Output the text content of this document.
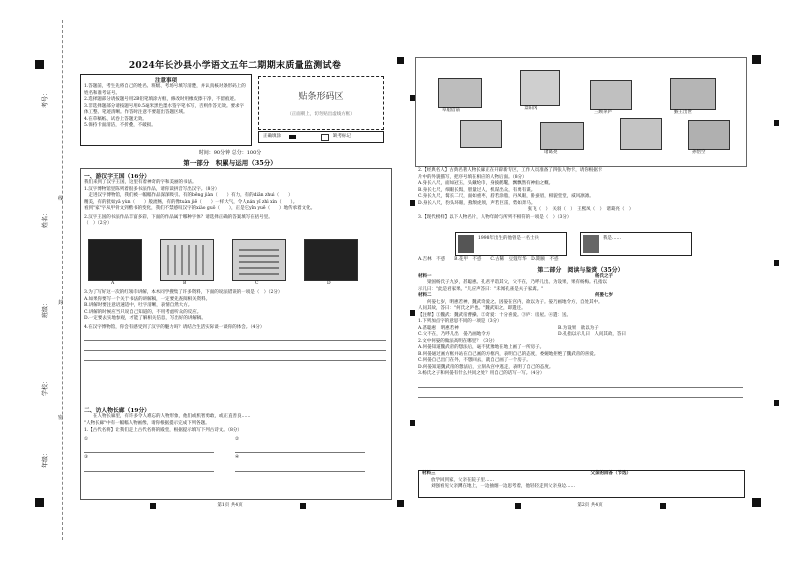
考号：
姓名：
班级：
学校：
年级：
线
封
密
2024年长沙县小学语文五年二期期末质量监测试卷
注意事项
1.答题前，考生先将自己的姓名、班级、考场号填写清楚，并认真核对条形码上的姓名和准考证号。
2.选择题部分请按题号用2B铅笔填涂方框，修改时用橡皮擦干净，不留痕迹。
3.非选择题部分请按题号用0.5毫米黑色墨水签字笔书写，否则作答无效。要求字体工整、笔迹清晰。作答时注意不要超出答题区域。
4.在草稿纸、试卷上答题无效。
5.保持卡面清洁，不折叠，不破损。
贴条形码区
（正面朝上，切勿贴出虚线方框）
正确填涂	缺考标记
时间：90分钟 总分：100分
第一部分　积累与运用（35分）
一、游汉字王国（16分）
我们来到了汉字王国，这里有着神奇的字和美丽的书法。
1.汉字博物馆里陈列着很多书法作品，请你读拼音写出汉字。（8分）
　走进汉字博物馆，我们被一幅幅作品深深吸引。有的bēng jiàn（　　）有力，有的diǎn zhuì（　　）
精美，有的犹如yā yùn（　　）般流畅，有的像tuàn jiē（　　）一样大气，令人nán yǐ zhì xìn（　　）。
看到"家"字从甲骨文到楷书的变化，我们不禁感叹汉字的xiào guǒ（　　），正是它yǐn yuē（　　）地传承着文化。
2.汉字王国的书法作品丰富多彩，下面的作品属于哪种字体？请选择正确的答案填写在括号里。
（　）（2分）
A	B	C	D
3.为了写好这一次的红领巾讲解，本木同学搜集了许多资料，下面的说法错误的一项是（　）（2分）
A.如果你要写一个关于书法的讲解稿，一定要先查阅相关资料。
B.讲解时要注意语速适中，吐字清晰，表情自然大方。
C.讲解的时候应当只说自己知道的，不用考虑听众的反应。
D.一定要去实地参观，才能了解相关信息，写出好的讲解稿。
4.在汉字博物馆，你会有感受到了汉字的魅力吗？请结合生活实际谈一谈你的体会。（4分）
二、访人物长廊（19分）
　　在人物长廊里，有许多令人难忘的人物形象，他们或机智勇敢，或正直善良……
"人物长廊"中有一幅幅人物画像，请你根据提示完成下列各题。
1.【古代名将】让我们走上古代名将的殿堂，根据提示填写下列古诗文。（8分）
①	②
③	④
第1页 共4页
草船借箭	景阳冈
三顾茅庐	猴王出世
诸葛亮	孙悟空
2.【经典名人】古典名著人物长廊正在开辟新专区，工作人员准备了四张人物卡，请你根据卡
片中的外貌描写，把序号填在相应的人物后面。（8分）
A.身长八尺，面如冠玉，头戴纶巾，身披鹤氅，飘飘然有神仙之概。
B.身长七尺，细眼长髯，胆量过人，机谋出众，有勇有谋。
C.身长九尺，髯长二尺，面如重枣，唇若涂脂，丹凤眼，卧蚕眉，相貌堂堂，威风凛凛。
D.身长八尺，豹头环眼，燕颔虎须，声若巨雷，势如奔马。
张飞（　）　关羽（　）　王熙凤（　）　诸葛亮（　）
3.【现代榜样】以下人物名片，人物年龄与所列不相符的一项是（　）（3分）
1998年出生的他曾是一名士兵	我是……
A.吉林　不惑　　B.花甲　不惑　　C.古稀　豆蔻年华　D.期颐　不惑
第二部分　阅读与鉴赏（35分）
材料一	杨氏之子
　　梁国杨氏子九岁，甚聪惠。孔君平诣其父，父不在，乃呼儿出。为设果，果有杨梅。孔指以
示儿曰："此是君家果。"儿应声答曰："未闻孔雀是夫子家禽。"
材料二	何晏七岁
　　何晏七岁，明惠若神，魏武奇爱之。因晏在宫内，欲以为子。晏乃画地令方，自处其中。
人问其故，答曰："何氏之庐也。"魏武知之，即遣还。
【注释】①魏武：魏武帝曹操。②奇爱：十分喜爱。③庐：房屋。④遣：送。
1.下列加点字的意思不同的一项是（3分）
A.甚聪惠　明惠若神	B.为设果　欲以为子
C.父不在，乃呼儿出　晏乃画地令方	D.孔指以示儿曰　人问其故，答曰
2.文中何晏的做法高明在哪里？（3分）
A.何晏知道魏武帝的想法后，毫不犹豫地在地上画了一所房子。
B.何晏通过画方框并站在自己画的方框内，表明自己的态度，委婉地拒绝了魏武帝的喜爱。
C.何晏自己出门在外，不想回去，就自己画了一个房子。
D.何晏知道魏武帝的想法后，立刻从宫中逃走，表明了自己的态度。
3.杨氏之子和何晏有什么共同之处？用自己的话写一写。（4分）
材料三	父亲的回答（节选）
　　放学回到家，父亲在院子里……
　　刘强看见父亲蹲在地上，一边抽烟一边思考着，他轻轻走到父亲身边……
第2页 共4页
